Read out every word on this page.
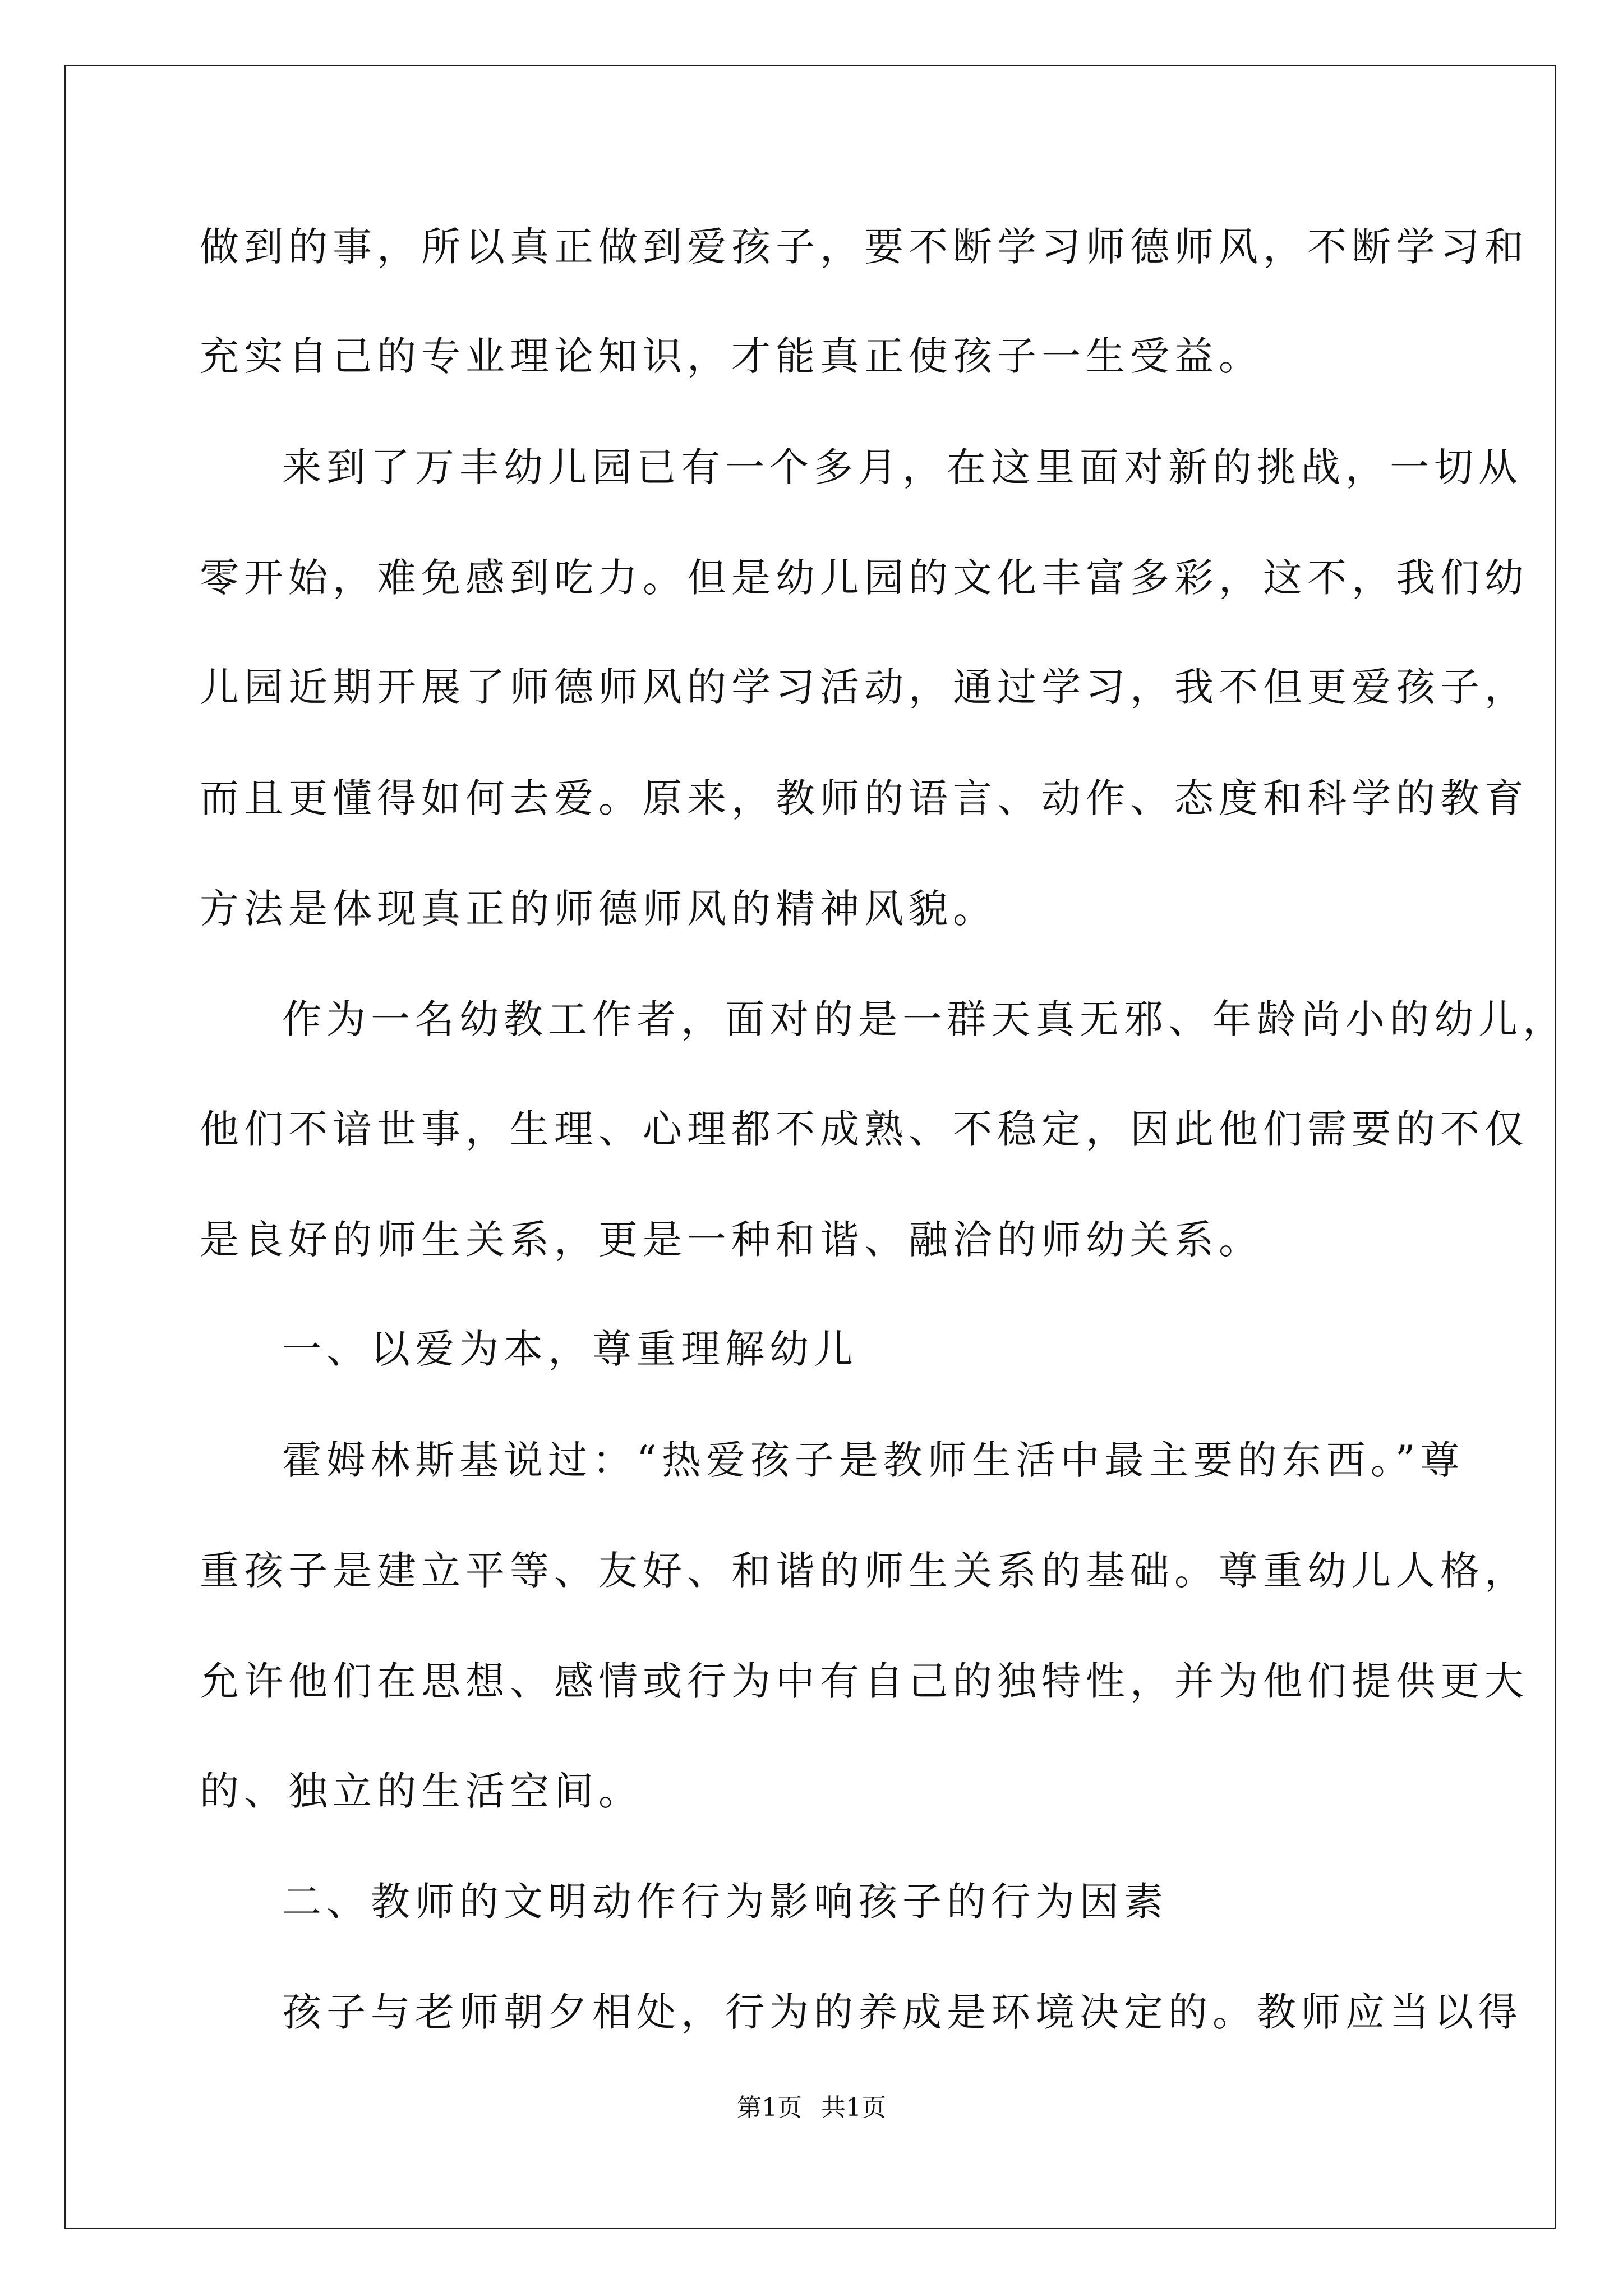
做到的事，所以真正做到爱孩子，要不断学习师德师风，不断学习和
充实自己的专业理论知识，才能真正使孩子一生受益。
来到了万丰幼儿园已有一个多月，在这里面对新的挑战，一切从
零开始，难免感到吃力。但是幼儿园的文化丰富多彩，这不，我们幼
儿园近期开展了师德师风的学习活动，通过学习，我不但更爱孩子，
而且更懂得如何去爱。原来，教师的语言、动作、态度和科学的教育
方法是体现真正的师德师风的精神风貌。
作为一名幼教工作者，面对的是一群天真无邪、年龄尚小的幼儿，
他们不谙世事，生理、心理都不成熟、不稳定，因此他们需要的不仅
是良好的师生关系，更是一种和谐、融洽的师幼关系。
一、以爱为本，尊重理解幼儿
霍姆林斯基说过：“热爱孩子是教师生活中最主要的东西。”尊
重孩子是建立平等、友好、和谐的师生关系的基础。尊重幼儿人格，
允许他们在思想、感情或行为中有自己的独特性，并为他们提供更大
的、独立的生活空间。
二、教师的文明动作行为影响孩子的行为因素
孩子与老师朝夕相处，行为的养成是环境决定的。教师应当以得
第1页 共1页
